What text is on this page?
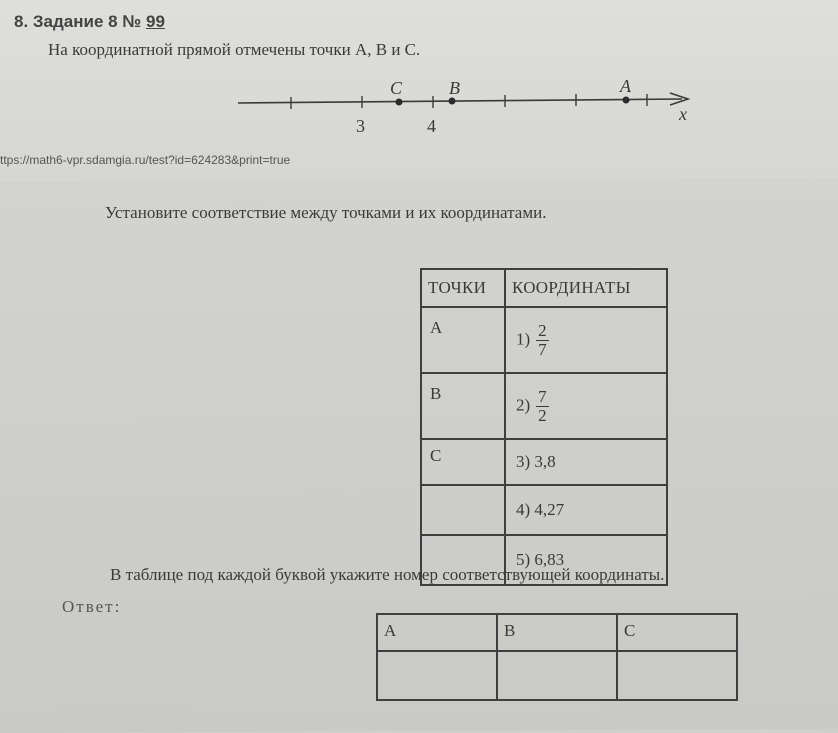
8. Задание 8 № 99

На координатной прямой отмечены точки A, B и C.

C	B	A
3	4
x

ttps://math6-vpr.sdamgia.ru/test?id=624283&print=true

Установите соответствие между точками и их координатами.

ТОЧКИ	КООРДИНАТЫ
A	$1) \frac{2}{7}$

B	$2) \frac{7}{2}$

C	3) 3,8
	4) 4,27
	5) 6,83

В таблице под каждой буквой укажите номер соответствующей координаты.

Ответ:

A	B	C
